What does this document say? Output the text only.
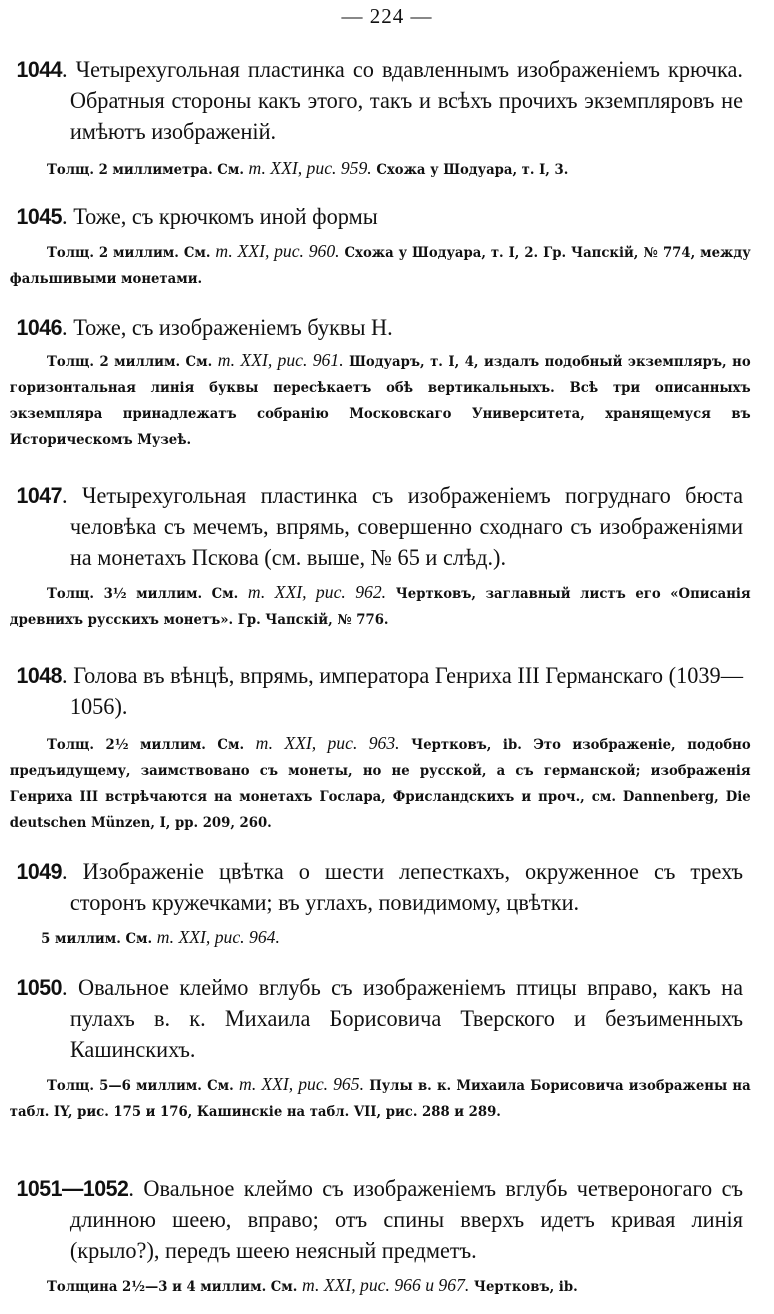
— 224 —

1044. Четырехугольная пластинка со вдавленнымъ изображеніемъ крючка. Обратныя стороны какъ этого, такъ и всѣхъ прочихъ экземпляровъ не имѣютъ изображеній.

Толщ. 2 миллиметра. См. т. XXI, рис. 959. Схожа у Шодуара, т. I, 3.

1045. Тоже, съ крючкомъ иной формы

Толщ. 2 миллим. См. т. XXI, рис. 960. Схожа у Шодуара, т. I, 2. Гр. Чапскій, № 774, между фальшивыми монетами.

1046. Тоже, съ изображеніемъ буквы Н.

Толщ. 2 миллим. См. т. XXI, рис. 961. Шодуаръ, т. I, 4, издалъ подобный экземпляръ, но горизонтальная линія буквы пересѣкаетъ обѣ вертикальныхъ. Всѣ три описанныхъ экземпляра принадлежатъ собранію Московскаго Университета, хранящемуся въ Историческомъ Музеѣ.

1047. Четырехугольная пластинка съ изображеніемъ погруднаго бюста человѣка съ мечемъ, впрямь, совершенно сходнаго съ изображеніями на монетахъ Пскова (см. выше, № 65 и слѣд.).

Толщ. 3½ миллим. См. т. XXI, рис. 962. Чертковъ, заглавный листъ его «Описанія древнихъ русскихъ монетъ». Гр. Чапскій, № 776.

1048. Голова въ вѣнцѣ, впрямь, императора Генриха III Германскаго (1039—1056).

Толщ. 2½ миллим. См. т. XXI, рис. 963. Чертковъ, ib. Это изображеніе, подобно предъидущему, заимствовано съ монеты, но не русской, а съ германской; изображенія Генриха III встрѣчаются на монетахъ Гослара, Фрисландскихъ и проч., см. Dannenberg, Die deutschen Münzen, I, pp. 209, 260.

1049. Изображеніе цвѣтка о шести лепесткахъ, окруженное съ трехъ сторонъ кружечками; въ углахъ, повидимому, цвѣтки.

5 миллим. См. т. XXI, рис. 964.

1050. Овальное клеймо вглубь съ изображеніемъ птицы вправо, какъ на пулахъ в. к. Михаила Борисовича Тверского и безъименныхъ Кашинскихъ.

Толщ. 5—6 миллим. См. т. XXI, рис. 965. Пулы в. к. Михаила Борисовича изображены на табл. IY, рис. 175 и 176, Кашинскіе на табл. VII, рис. 288 и 289.

1051—1052. Овальное клеймо съ изображеніемъ вглубь четвероногаго съ длинною шеею, вправо; отъ спины вверхъ идетъ кривая линія (крыло?), передъ шеею неясный предметъ.

Толщина 2½—3 и 4 миллим. См. т. XXI, рис. 966 и 967. Чертковъ, ib.
